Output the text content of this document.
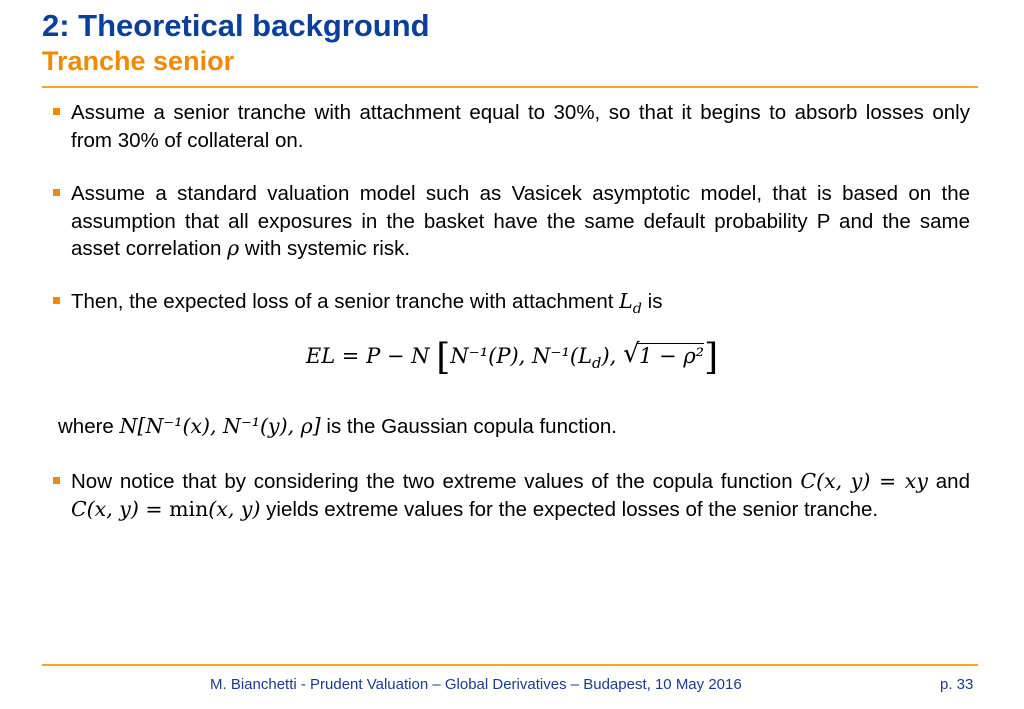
2: Theoretical background
Tranche senior
Assume a senior tranche with attachment equal to 30%, so that it begins to absorb losses only from 30% of collateral on.
Assume a standard valuation model such as Vasicek asymptotic model, that is based on the assumption that all exposures in the basket have the same default probability P and the same asset correlation ρ with systemic risk.
Then, the expected loss of a senior tranche with attachment $L_d$ is
EL = P − N [N⁻¹(P), $N^{-1}(L_d)$, √ 1 − ρ²]
where N[N⁻¹(x), N⁻¹(y), ρ] is the Gaussian copula function.
Now notice that by considering the two extreme values of the copula function C(x, y) = xy and C(x, y) = min(x, y) yields extreme values for the expected losses of the senior tranche.
M. Bianchetti - Prudent Valuation – Global Derivatives – Budapest, 10 May 2016	p. 33
